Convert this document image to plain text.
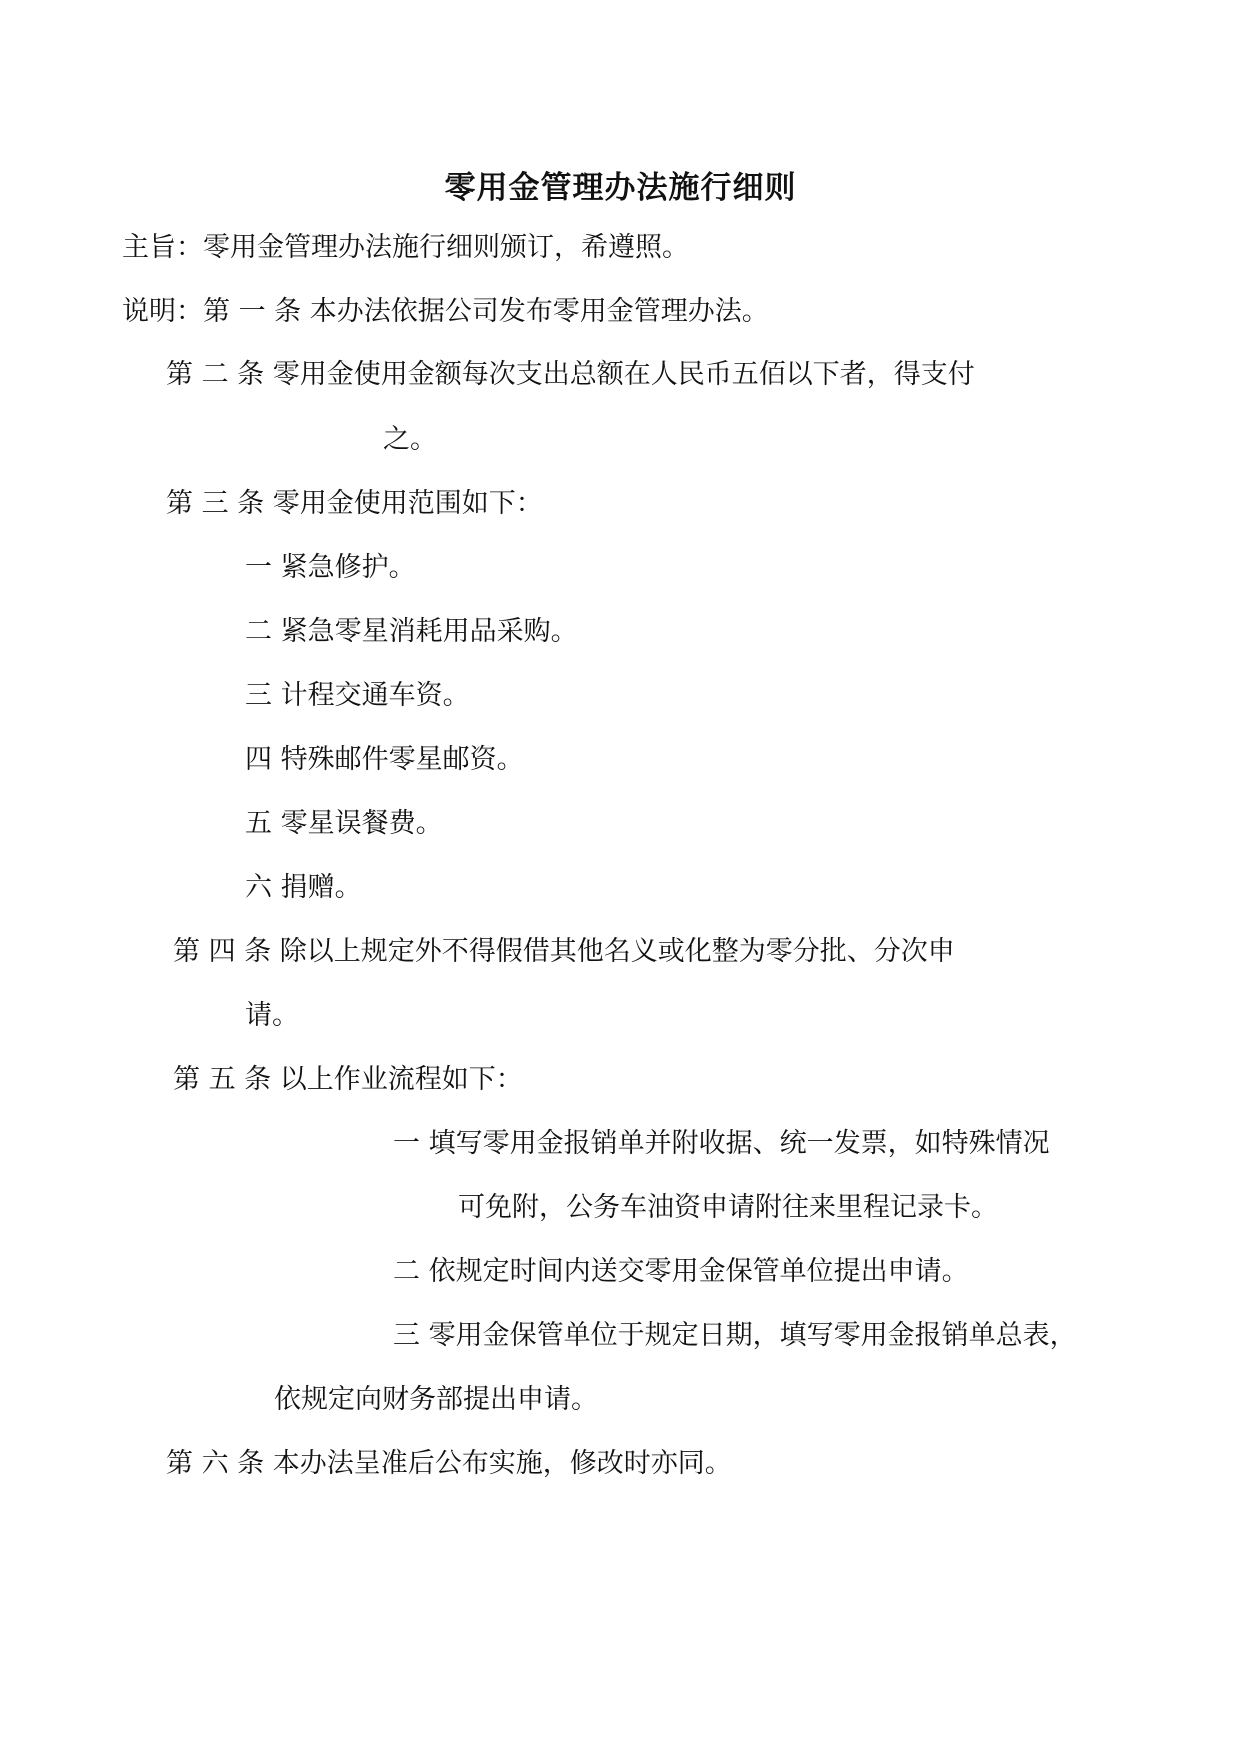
零用金管理办法施行细则
主旨：零用金管理办法施行细则颁订，希遵照。
说明：第 一 条 本办法依据公司发布零用金管理办法。
第 二 条 零用金使用金额每次支出总额在人民币五佰以下者，得支付
之。
第 三 条 零用金使用范围如下：
一 紧急修护。
二 紧急零星消耗用品采购。
三 计程交通车资。
四 特殊邮件零星邮资。
五 零星误餐费。
六 捐赠。
第 四 条 除以上规定外不得假借其他名义或化整为零分批、分次申
请。
第 五 条 以上作业流程如下：
一 填写零用金报销单并附收据、统一发票，如特殊情况
可免附，公务车油资申请附往来里程记录卡。
二 依规定时间内送交零用金保管单位提出申请。
三 零用金保管单位于规定日期，填写零用金报销单总表，
依规定向财务部提出申请。
第 六 条 本办法呈准后公布实施，修改时亦同。
